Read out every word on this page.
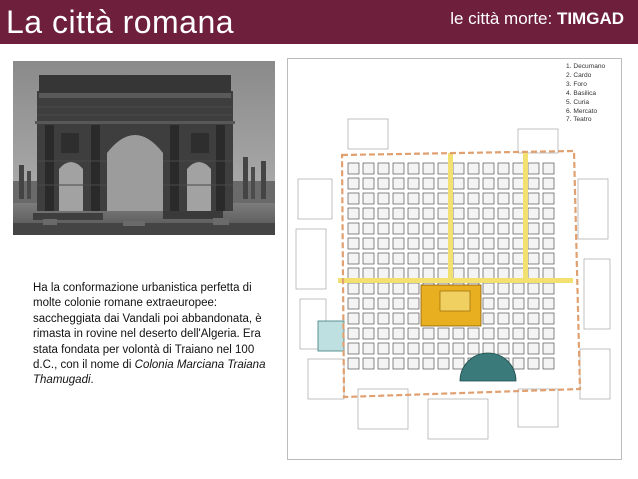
La città romana	le città morte: TIMGAD
Ha la conformazione urbanistica perfetta di molte colonie romane extraeuropee: saccheggiata dai Vandali poi abbandonata, è rimasta in rovine nel deserto dell'Algeria. Era stata fondata per volontà di Traiano nel 100 d.C., con il nome di Colonia Marciana Traiana Thamugadi.
1. Decumano
2. Cardo
3. Foro
4. Basilica
5. Curia
6. Mercato
7. Teatro
